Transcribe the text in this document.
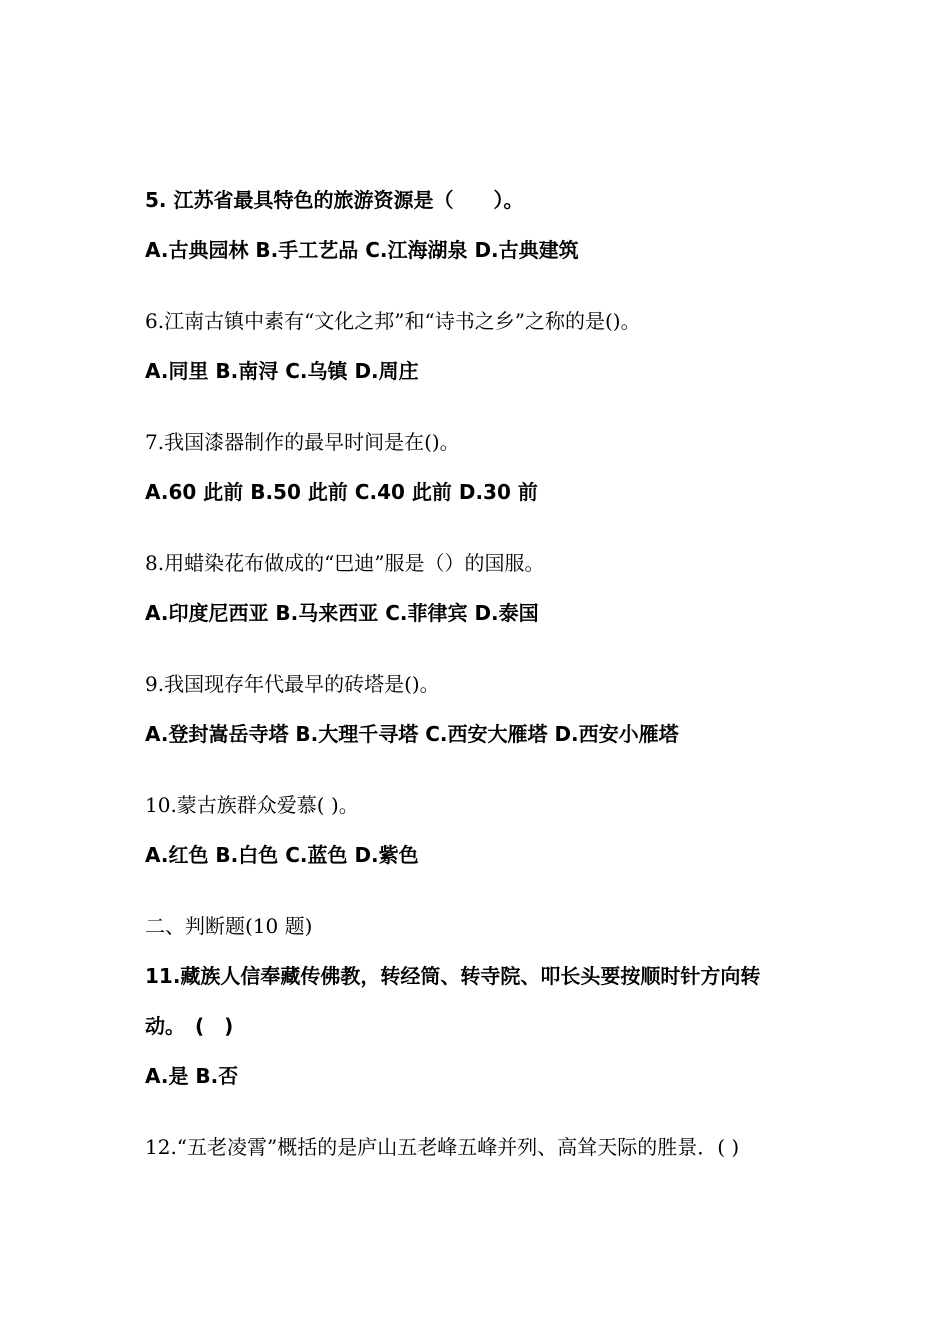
5. 江苏省最具特色的旅游资源是（　　）。
A.古典园林 B.手工艺品 C.江海湖泉 D.古典建筑
6.江南古镇中素有“文化之邦”和“诗书之乡”之称的是()。
A.同里 B.南浔 C.乌镇 D.周庄
7.我国漆器制作的最早时间是在()。
A.60 此前 B.50 此前 C.40 此前 D.30 前
8.用蜡染花布做成的“巴迪”服是（）的国服。
A.印度尼西亚 B.马来西亚 C.菲律宾 D.泰国
9.我国现存年代最早的砖塔是()。
A.登封嵩岳寺塔 B.大理千寻塔 C.西安大雁塔 D.西安小雁塔
10.蒙古族群众爱慕( )。
A.红色 B.白色 C.蓝色 D.紫色
二、判断题(10 题)
11.藏族人信奉藏传佛教，转经筒、转寺院、叩长头要按顺时针方向转
动。　(　)
A.是 B.否
12.“五老凌霄”概括的是庐山五老峰五峰并列、高耸天际的胜景．( )
